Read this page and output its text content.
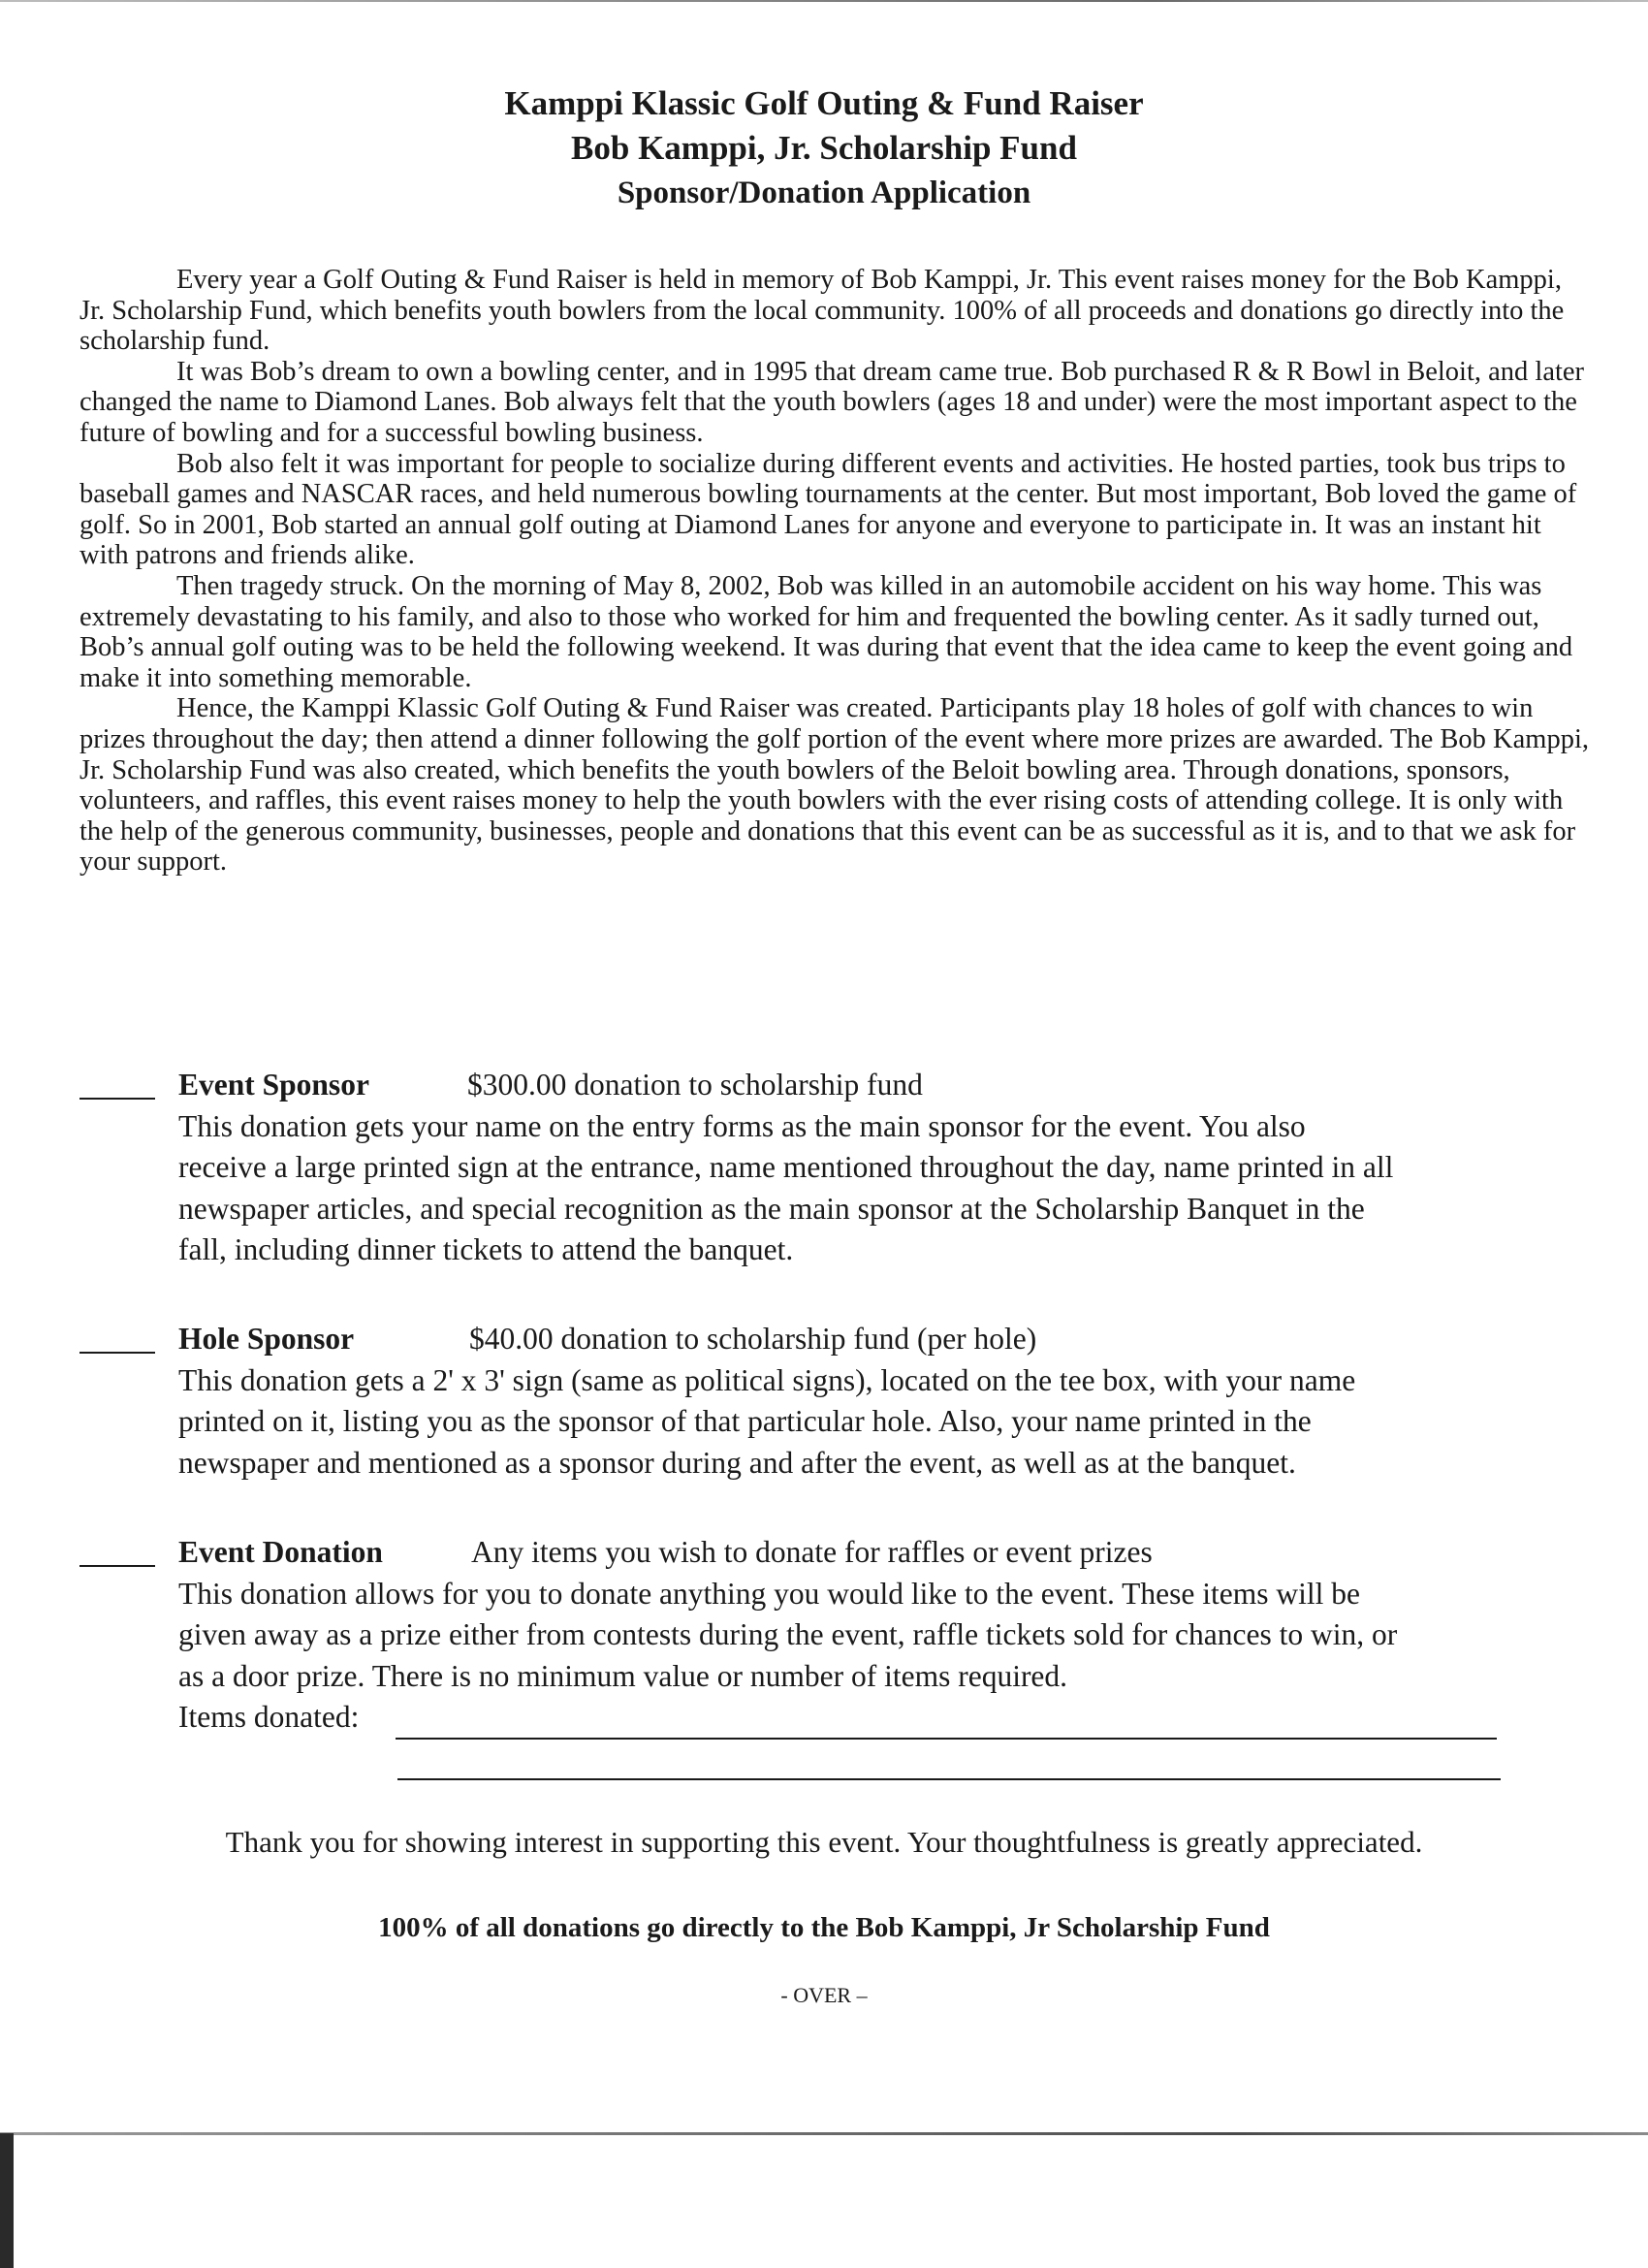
Kamppi Klassic Golf Outing & Fund Raiser
Bob Kamppi, Jr. Scholarship Fund
Sponsor/Donation Application

Every year a Golf Outing & Fund Raiser is held in memory of Bob Kamppi, Jr. This event raises money for the Bob Kamppi, Jr. Scholarship Fund, which benefits youth bowlers from the local community. 100% of all proceeds and donations go directly into the scholarship fund.

It was Bob’s dream to own a bowling center, and in 1995 that dream came true. Bob purchased R & R Bowl in Beloit, and later changed the name to Diamond Lanes. Bob always felt that the youth bowlers (ages 18 and under) were the most important aspect to the future of bowling and for a successful bowling business.

Bob also felt it was important for people to socialize during different events and activities. He hosted parties, took bus trips to baseball games and NASCAR races, and held numerous bowling tournaments at the center. But most important, Bob loved the game of golf. So in 2001, Bob started an annual golf outing at Diamond Lanes for anyone and everyone to participate in. It was an instant hit with patrons and friends alike.

Then tragedy struck. On the morning of May 8, 2002, Bob was killed in an automobile accident on his way home. This was extremely devastating to his family, and also to those who worked for him and frequented the bowling center. As it sadly turned out, Bob’s annual golf outing was to be held the following weekend. It was during that event that the idea came to keep the event going and make it into something memorable.

Hence, the Kamppi Klassic Golf Outing & Fund Raiser was created. Participants play 18 holes of golf with chances to win prizes throughout the day; then attend a dinner following the golf portion of the event where more prizes are awarded. The Bob Kamppi, Jr. Scholarship Fund was also created, which benefits the youth bowlers of the Beloit bowling area. Through donations, sponsors, volunteers, and raffles, this event raises money to help the youth bowlers with the ever rising costs of attending college. It is only with the help of the generous community, businesses, people and donations that this event can be as successful as it is, and to that we ask for your support.

Event Sponsor	$300.00 donation to scholarship fund
This donation gets your name on the entry forms as the main sponsor for the event. You also
receive a large printed sign at the entrance, name mentioned throughout the day, name printed in all
newspaper articles, and special recognition as the main sponsor at the Scholarship Banquet in the
fall, including dinner tickets to attend the banquet.
Hole Sponsor	$40.00 donation to scholarship fund (per hole)
This donation gets a 2' x 3' sign (same as political signs), located on the tee box, with your name
printed on it, listing you as the sponsor of that particular hole. Also, your name printed in the
newspaper and mentioned as a sponsor during and after the event, as well as at the banquet.
Event Donation	Any items you wish to donate for raffles or event prizes
This donation allows for you to donate anything you would like to the event. These items will be
given away as a prize either from contests during the event, raffle tickets sold for chances to win, or
as a door prize. There is no minimum value or number of items required.
Items donated:
Thank you for showing interest in supporting this event. Your thoughtfulness is greatly appreciated.
100% of all donations go directly to the Bob Kamppi, Jr Scholarship Fund
- OVER –
